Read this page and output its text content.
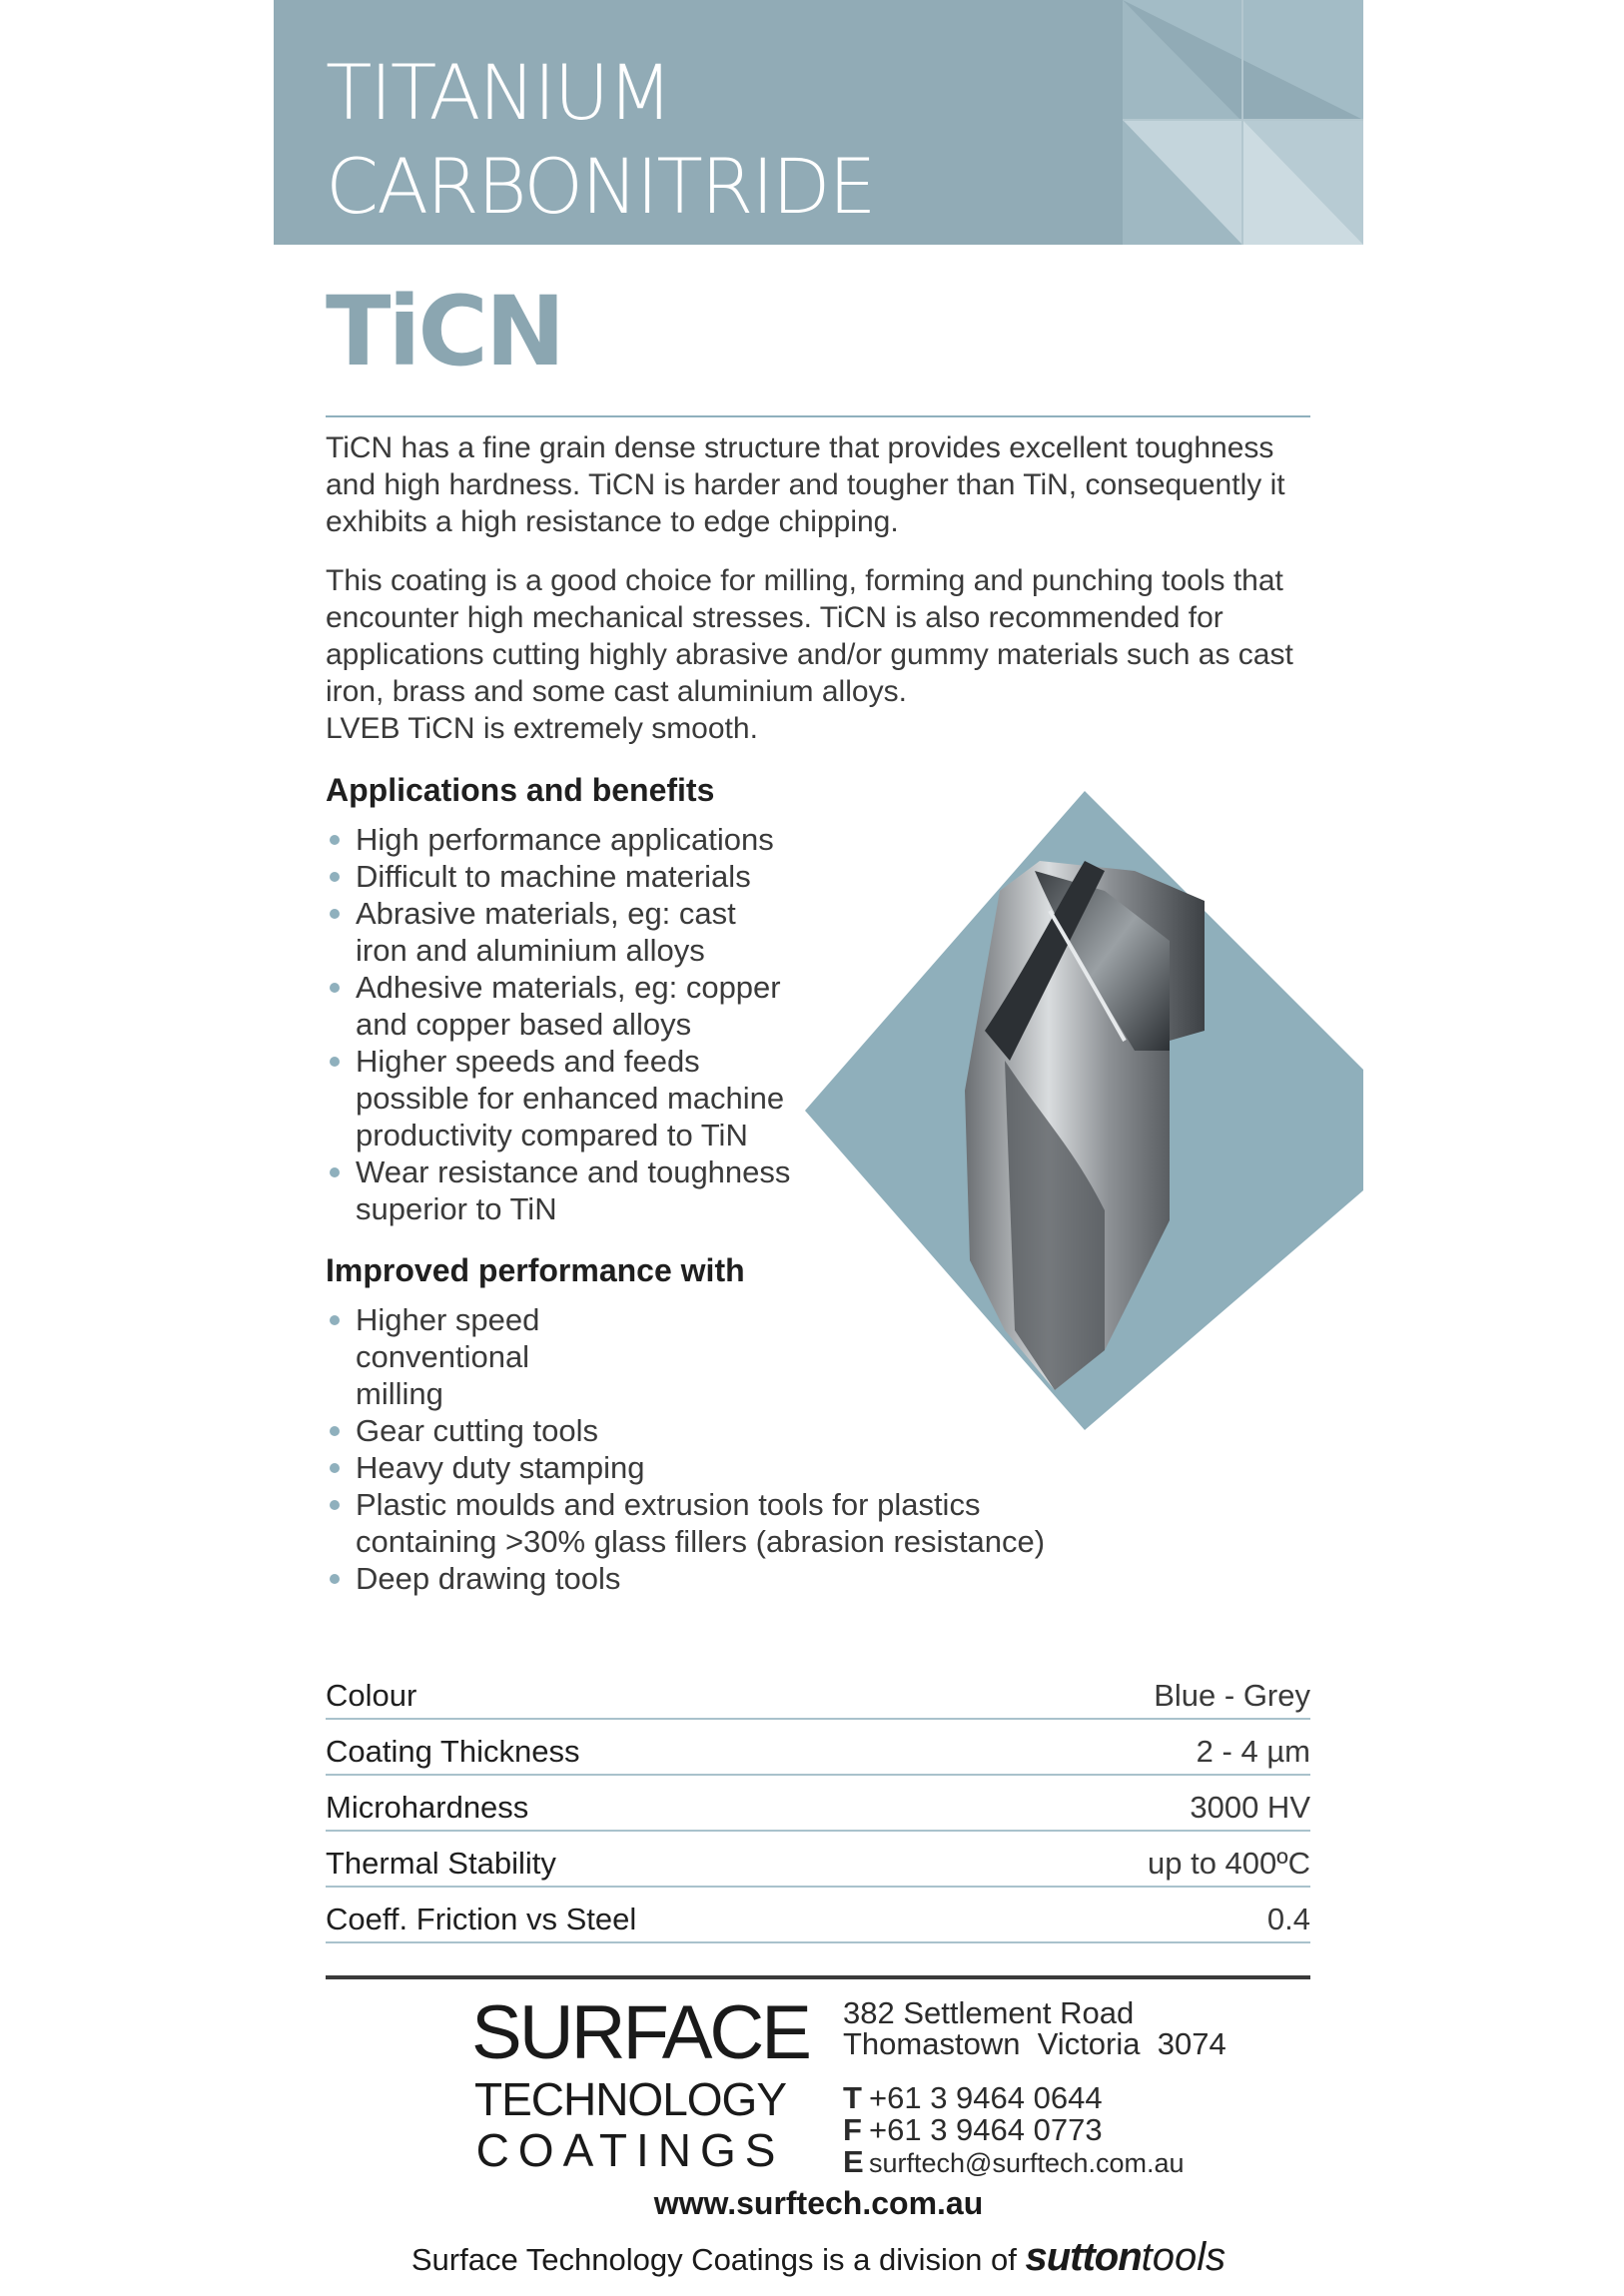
TITANIUM
CARBONITRIDE
TiCN

TiCN has a fine grain dense structure that provides excellent toughness and high hardness. TiCN is harder and tougher than TiN, consequently it exhibits a high resistance to edge chipping.

This coating is a good choice for milling, forming and punching tools that encounter high mechanical stresses. TiCN is also recommended for applications cutting highly abrasive and/or gummy materials such as cast iron, brass and some cast aluminium alloys.
LVEB TiCN is extremely smooth.

Applications and benefits
High performance applications
Difficult to machine materials
Abrasive materials, eg: cast iron and aluminium alloys
Adhesive materials, eg: copper and copper based alloys
Higher speeds and feeds possible for enhanced machine productivity compared to TiN
Wear resistance and toughness superior to TiN
Improved performance with
Higher speed conventional milling
Gear cutting tools
Heavy duty stamping
Plastic moulds and extrusion tools for plastics containing >30% glass fillers (abrasion resistance)
Deep drawing tools
Colour	Blue - Grey
Coating Thickness	2 - 4 µm
Microhardness	3000 HV
Thermal Stability	up to 400ºC
Coeff. Friction vs Steel	0.4
SURFACE
TECHNOLOGY
COATINGS
382 Settlement Road
Thomastown  Victoria  3074
T +61 3 9464 0644
F +61 3 9464 0773
E surftech@surftech.com.au
www.surftech.com.au
Surface Technology Coatings is a division of suttontools
